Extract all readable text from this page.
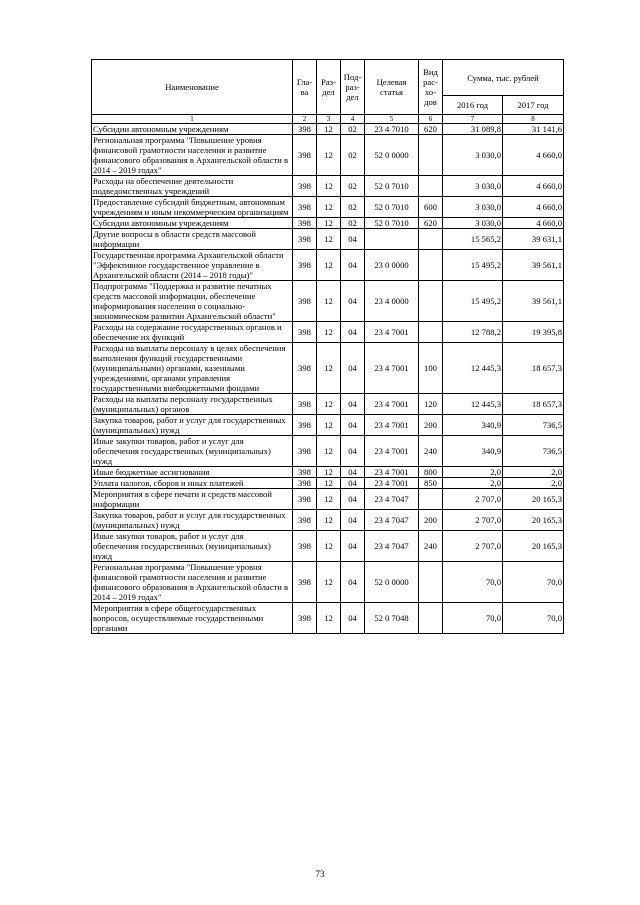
Наименование	Гла-ва	Раз-дел	Под-раз-дел	Целевая статья	Вид рас-хо-дов	Сумма, тыс. рублей	
						2016 год	2017 год
1	2	3	4	5	6	7	8
Субсидии автономным учреждениям	398	12	02	23 4 7010	620	31 089,8	31 141,6
Региональная программа "Повышение уровня финансовой грамотности населения и развитие финансового образования в Архангельской области в 2014 – 2019 годах"	398	12	02	52 0 0000		3 030,0	4 660,0
Расходы на обеспечение деятельности подведомственных учреждений	398	12	02	52 0 7010		3 030,0	4 660,0
Предоставление субсидий бюджетным, автономным учреждениям и иным некоммерческим организациям	398	12	02	52 0 7010	600	3 030,0	4 660,0
Субсидии автономным учреждениям	398	12	02	52 0 7010	620	3 030,0	4 660,0
Другие вопросы в области средств массовой информации	398	12	04			15 565,2	39 631,1
Государственная программа Архангельской области "Эффективное государственное управление в Архангельской области (2014 – 2018 годы)"	398	12	04	23 0 0000		15 495,2	39 561,1
Подпрограмма "Поддержка и развитие печатных средств массовой информации, обеспечение информирования населения о социально-экономическом развитии Архангельской области"	398	12	04	23 4 0000		15 495,2	39 561,1
Расходы на содержание государственных органов и обеспечение их функций	398	12	04	23 4 7001		12 788,2	19 395,8
Расходы на выплаты персоналу в целях обеспечения выполнения функций государственными (муниципальными) органами, казенными учреждениями, органами управления государственными внебюджетными фондами	398	12	04	23 4 7001	100	12 445,3	18 657,3
Расходы на выплаты персоналу государственных (муниципальных) органов	398	12	04	23 4 7001	120	12 445,3	18 657,3
Закупка товаров, работ и услуг для государственных (муниципальных) нужд	398	12	04	23 4 7001	200	340,9	736,5
Иные закупки товаров, работ и услуг для обеспечения государственных (муниципальных) нужд	398	12	04	23 4 7001	240	340,9	736,5
Иные бюджетные ассигнования	398	12	04	23 4 7001	800	2,0	2,0
Уплата налогов, сборов и иных платежей	398	12	04	23 4 7001	850	2,0	2,0
Мероприятия в сфере печати и средств массовой информации	398	12	04	23 4 7047		2 707,0	20 165,3
Закупка товаров, работ и услуг для государственных (муниципальных) нужд	398	12	04	23 4 7047	200	2 707,0	20 165,3
Иные закупки товаров, работ и услуг для обеспечения государственных (муниципальных) нужд	398	12	04	23 4 7047	240	2 707,0	20 165,3
Региональная программа "Повышение уровня финансовой грамотности населения и развитие финансового образования в Архангельской области в 2014 – 2019 годах"	398	12	04	52 0 0000		70,0	70,0
Мероприятия в сфере общегосударственных вопросов, осуществляемые государственными органами	398	12	04	52 0 7048		70,0	70,0
73
